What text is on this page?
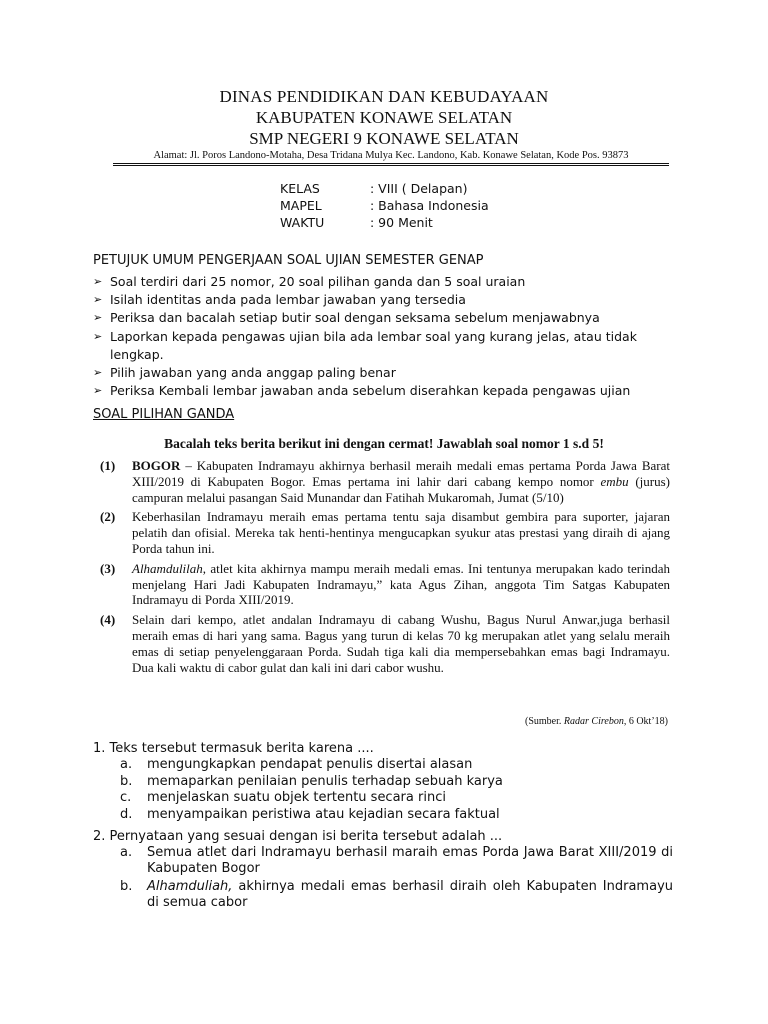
DINAS PENDIDIKAN DAN KEBUDAYAAN
KABUPATEN KONAWE SELATAN
SMP NEGERI 9 KONAWE SELATAN
Alamat: Jl. Poros Landono-Motaha, Desa Tridana Mulya Kec. Landono, Kab. Konawe Selatan, Kode Pos. 93873
KELAS	: VIII ( Delapan)
MAPEL	: Bahasa Indonesia
WAKTU	: 90 Menit
PETUJUK UMUM PENGERJAAN SOAL UJIAN SEMESTER GENAP
➢ Soal terdiri dari 25 nomor, 20 soal pilihan ganda dan 5 soal uraian
➢ Isilah identitas anda pada lembar jawaban yang tersedia
➢ Periksa dan bacalah setiap butir soal dengan seksama sebelum menjawabnya
➢ Laporkan kepada pengawas ujian bila ada lembar soal yang kurang jelas, atau tidak lengkap.
➢ Pilih jawaban yang anda anggap paling benar
➢ Periksa Kembali lembar jawaban anda sebelum diserahkan kepada pengawas ujian
SOAL PILIHAN GANDA
Bacalah teks berita berikut ini dengan cermat! Jawablah soal nomor 1 s.d 5!
(1)	BOGOR – Kabupaten Indramayu akhirnya berhasil meraih medali emas pertama Porda Jawa Barat XIII/2019 di Kabupaten Bogor. Emas pertama ini lahir dari cabang kempo nomor embu (jurus) campuran melalui pasangan Said Munandar dan Fatihah Mukaromah, Jumat (5/10)
(2)	Keberhasilan Indramayu meraih emas pertama tentu saja disambut gembira para suporter, jajaran pelatih dan ofisial. Mereka tak henti-hentinya mengucapkan syukur atas prestasi yang diraih di ajang Porda tahun ini.
(3)	Alhamdulilah, atlet kita akhirnya mampu meraih medali emas. Ini tentunya merupakan kado terindah menjelang Hari Jadi Kabupaten Indramayu,” kata Agus Zihan, anggota Tim Satgas Kabupaten Indramayu di Porda XIII/2019.
(4)	Selain dari kempo, atlet andalan Indramayu di cabang Wushu, Bagus Nurul Anwar,juga berhasil meraih emas di hari yang sama. Bagus yang turun di kelas 70 kg merupakan atlet yang selalu meraih emas di setiap penyelenggaraan Porda. Sudah tiga kali dia mempersebahkan emas bagi Indramayu. Dua kali waktu di cabor gulat dan kali ini dari cabor wushu.
(Sumber. Radar Cirebon, 6 Okt’18)
1. Teks tersebut termasuk berita karena ....
a.	mengungkapkan pendapat penulis disertai alasan
b.	memaparkan penilaian penulis terhadap sebuah karya
c.	menjelaskan suatu objek tertentu secara rinci
d.	menyampaikan peristiwa atau kejadian secara faktual
2. Pernyataan yang sesuai dengan isi berita tersebut adalah ...
a.	Semua atlet dari Indramayu berhasil maraih emas Porda Jawa Barat XIII/2019 di Kabupaten Bogor
b.	Alhamduliah, akhirnya medali emas berhasil diraih oleh Kabupaten Indramayu di semua cabor
